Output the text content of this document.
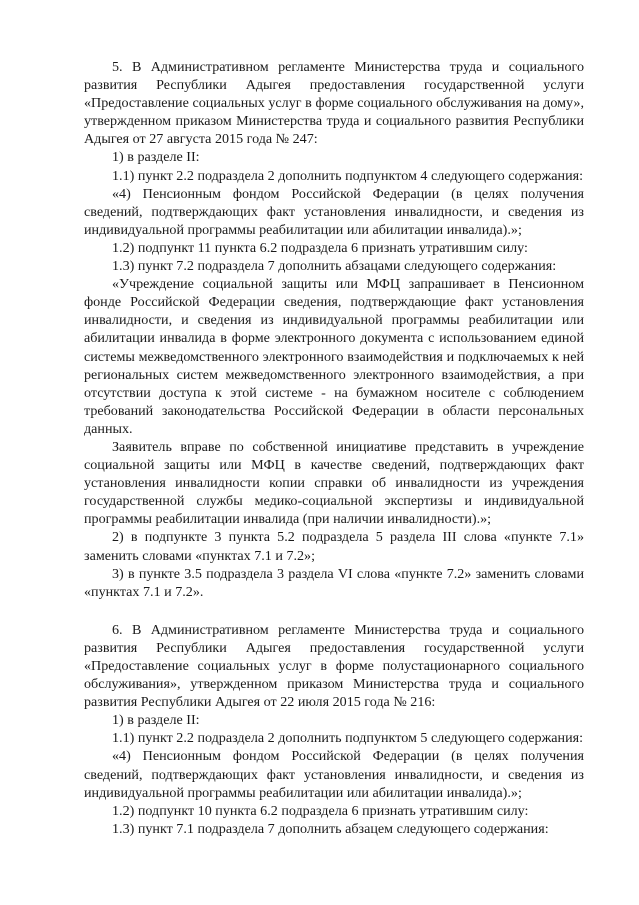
5. В Административном регламенте Министерства труда и социального развития Республики Адыгея предоставления государственной услуги «Предоставление социальных услуг в форме социального обслуживания на дому», утвержденном приказом Министерства труда и социального развития Республики Адыгея от 27 августа 2015 года № 247:

1) в разделе II:

1.1) пункт 2.2 подраздела 2 дополнить подпунктом 4 следующего содержания:

«4) Пенсионным фондом Российской Федерации (в целях получения сведений, подтверждающих факт установления инвалидности, и сведения из индивидуальной программы реабилитации или абилитации инвалида).»;

1.2) подпункт 11 пункта 6.2 подраздела 6 признать утратившим силу:

1.3) пункт 7.2 подраздела 7 дополнить абзацами следующего содержания:

«Учреждение социальной защиты или МФЦ запрашивает в Пенсионном фонде Российской Федерации сведения, подтверждающие факт установления инвалидности, и сведения из индивидуальной программы реабилитации или абилитации инвалида в форме электронного документа с использованием единой системы межведомственного электронного взаимодействия и подключаемых к ней региональных систем межведомственного электронного взаимодействия, а при отсутствии доступа к этой системе - на бумажном носителе с соблюдением требований законодательства Российской Федерации в области персональных данных.

Заявитель вправе по собственной инициативе представить в учреждение социальной защиты или МФЦ в качестве сведений, подтверждающих факт установления инвалидности копии справки об инвалидности из учреждения государственной службы медико-социальной экспертизы и индивидуальной программы реабилитации инвалида (при наличии инвалидности).»;

2) в подпункте 3 пункта 5.2 подраздела 5 раздела III слова «пункте 7.1» заменить словами «пунктах 7.1 и 7.2»;

3) в пункте 3.5 подраздела 3 раздела VI слова «пункте 7.2» заменить словами «пунктах 7.1 и 7.2».

6. В Административном регламенте Министерства труда и социального развития Республики Адыгея предоставления государственной услуги «Предоставление социальных услуг в форме полустационарного социального обслуживания», утвержденном приказом Министерства труда и социального развития Республики Адыгея от 22 июля 2015 года № 216:

1) в разделе II:

1.1) пункт 2.2 подраздела 2 дополнить подпунктом 5 следующего содержания:

«4) Пенсионным фондом Российской Федерации (в целях получения сведений, подтверждающих факт установления инвалидности, и сведения из индивидуальной программы реабилитации или абилитации инвалида).»;

1.2) подпункт 10 пункта 6.2 подраздела 6 признать утратившим силу:

1.3) пункт 7.1 подраздела 7 дополнить абзацем следующего содержания:
